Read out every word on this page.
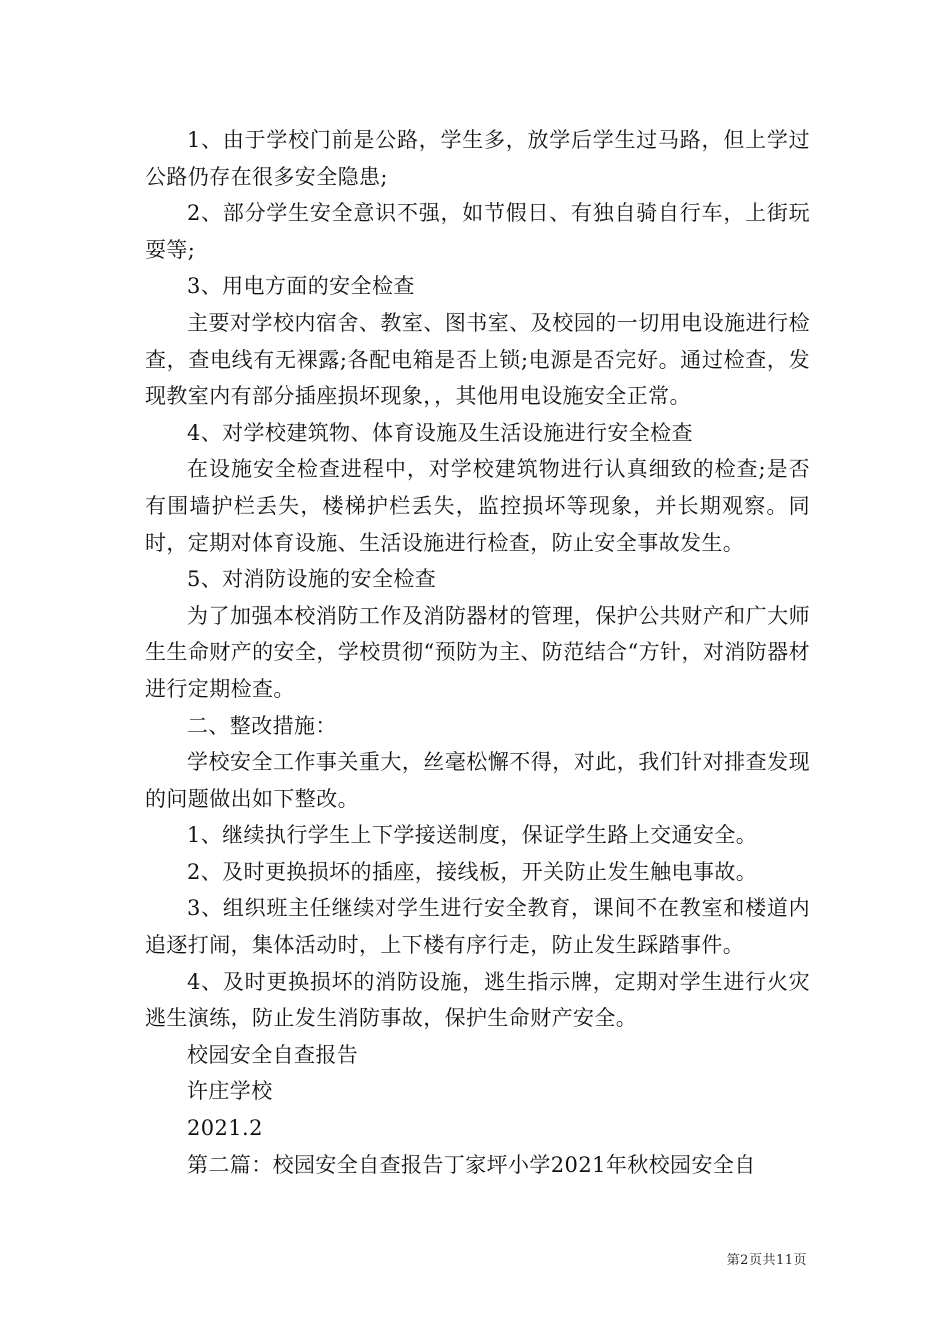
1、由于学校门前是公路，学生多，放学后学生过马路，但上学过公路仍存在很多安全隐患;

2、部分学生安全意识不强，如节假日、有独自骑自行车，上街玩耍等;

3、用电方面的安全检查

主要对学校内宿舍、教室、图书室、及校园的一切用电设施进行检查，查电线有无裸露;各配电箱是否上锁;电源是否完好。通过检查，发现教室内有部分插座损坏现象，，其他用电设施安全正常。

4、对学校建筑物、体育设施及生活设施进行安全检查

在设施安全检查进程中，对学校建筑物进行认真细致的检查;是否有围墙护栏丢失，楼梯护栏丢失，监控损坏等现象，并长期观察。同时，定期对体育设施、生活设施进行检查，防止安全事故发生。

5、对消防设施的安全检查

为了加强本校消防工作及消防器材的管理，保护公共财产和广大师生生命财产的安全，学校贯彻“预防为主、防范结合“方针，对消防器材进行定期检查。

二、整改措施：

学校安全工作事关重大，丝毫松懈不得，对此，我们针对排查发现的问题做出如下整改。

1、继续执行学生上下学接送制度，保证学生路上交通安全。

2、及时更换损坏的插座，接线板，开关防止发生触电事故。

3、组织班主任继续对学生进行安全教育，课间不在教室和楼道内追逐打闹，集体活动时，上下楼有序行走，防止发生踩踏事件。

4、及时更换损坏的消防设施，逃生指示牌，定期对学生进行火灾逃生演练，防止发生消防事故，保护生命财产安全。

校园安全自查报告

许庄学校

2021.2

第二篇：校园安全自查报告丁家坪小学2021年秋校园安全自

第2页共11页
